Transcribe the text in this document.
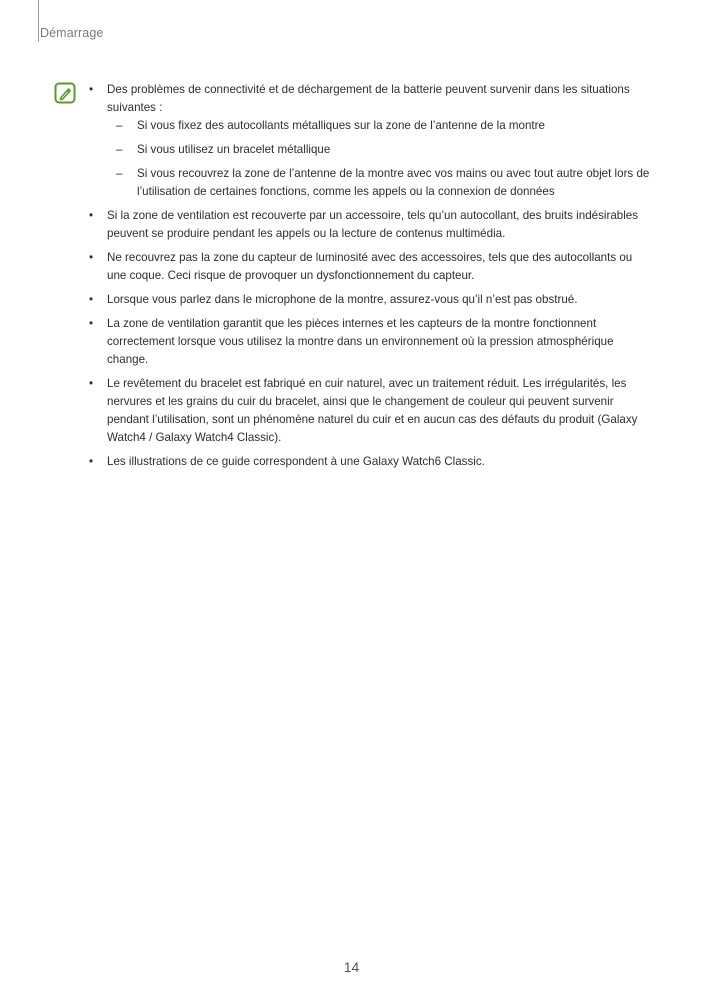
Démarrage
• Des problèmes de connectivité et de déchargement de la batterie peuvent survenir dans les situations suivantes :
– Si vous fixez des autocollants métalliques sur la zone de l’antenne de la montre
– Si vous utilisez un bracelet métallique
– Si vous recouvrez la zone de l’antenne de la montre avec vos mains ou avec tout autre objet lors de l’utilisation de certaines fonctions, comme les appels ou la connexion de données
• Si la zone de ventilation est recouverte par un accessoire, tels qu’un autocollant, des bruits indésirables peuvent se produire pendant les appels ou la lecture de contenus multimédia.
• Ne recouvrez pas la zone du capteur de luminosité avec des accessoires, tels que des autocollants ou une coque. Ceci risque de provoquer un dysfonctionnement du capteur.
• Lorsque vous parlez dans le microphone de la montre, assurez-vous qu’il n’est pas obstrué.
• La zone de ventilation garantit que les pièces internes et les capteurs de la montre fonctionnent correctement lorsque vous utilisez la montre dans un environnement où la pression atmosphérique change.
• Le revêtement du bracelet est fabriqué en cuir naturel, avec un traitement réduit. Les irrégularités, les nervures et les grains du cuir du bracelet, ainsi que le changement de couleur qui peuvent survenir pendant l’utilisation, sont un phénomène naturel du cuir et en aucun cas des défauts du produit (Galaxy Watch4 / Galaxy Watch4 Classic).
• Les illustrations de ce guide correspondent à une Galaxy Watch6 Classic.
14
